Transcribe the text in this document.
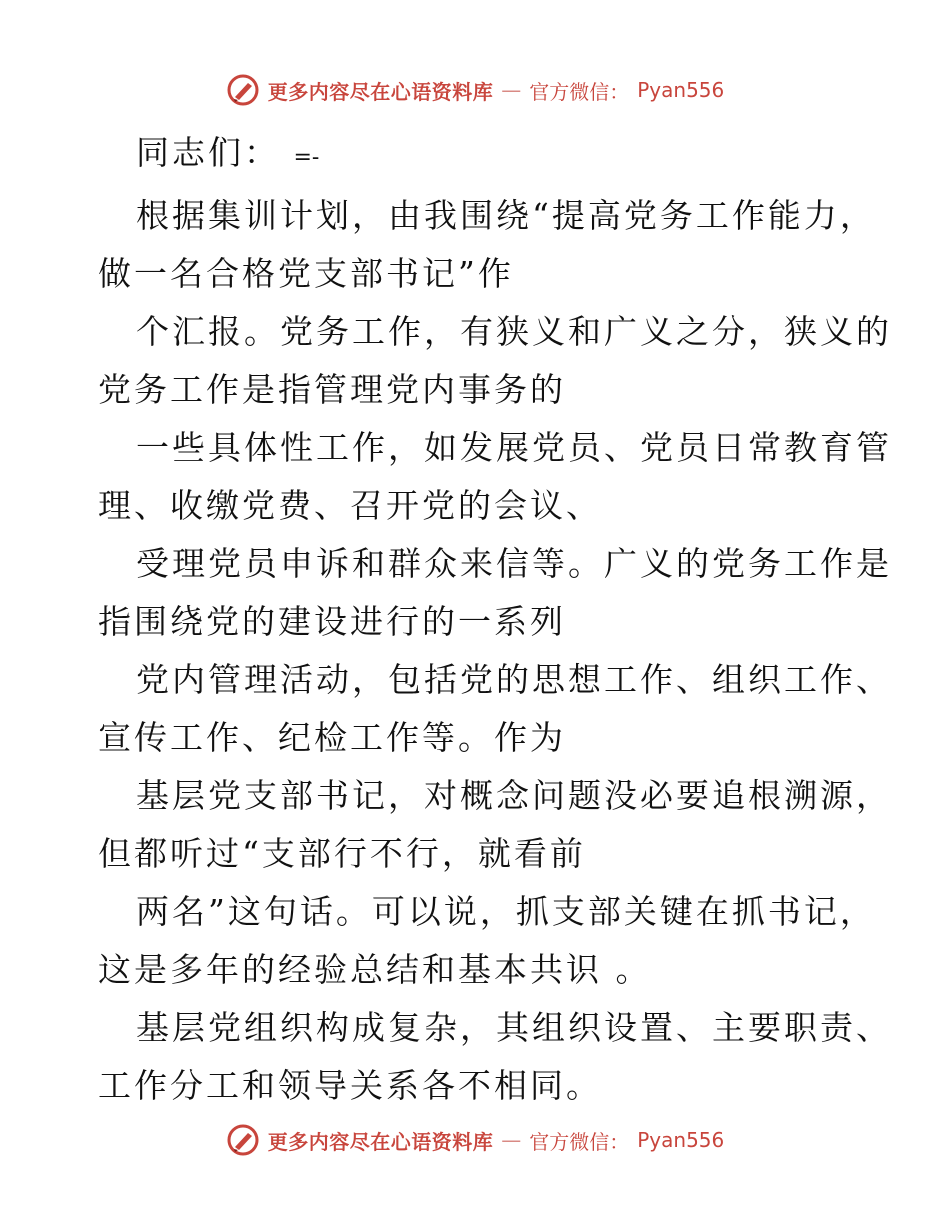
更多内容尽在心语资料库 — 官方微信： Pyan556

同志们： =-

根据集训计划，由我围绕“提高党务工作能力，
做一名合格党支部书记”作

个汇报。党务工作，有狭义和广义之分，狭义的
党务工作是指管理党内事务的

一些具体性工作，如发展党员、党员日常教育管
理、收缴党费、召开党的会议、

受理党员申诉和群众来信等。广义的党务工作是
指围绕党的建设进行的一系列

党内管理活动，包括党的思想工作、组织工作、
宣传工作、纪检工作等。作为

基层党支部书记，对概念问题没必要追根溯源，
但都听过“支部行不行，就看前

两名”这句话。可以说，抓支部关键在抓书记，
这是多年的经验总结和基本共识 。

基层党组织构成复杂，其组织设置、主要职责、
工作分工和领导关系各不相同。

更多内容尽在心语资料库 — 官方微信： Pyan556
